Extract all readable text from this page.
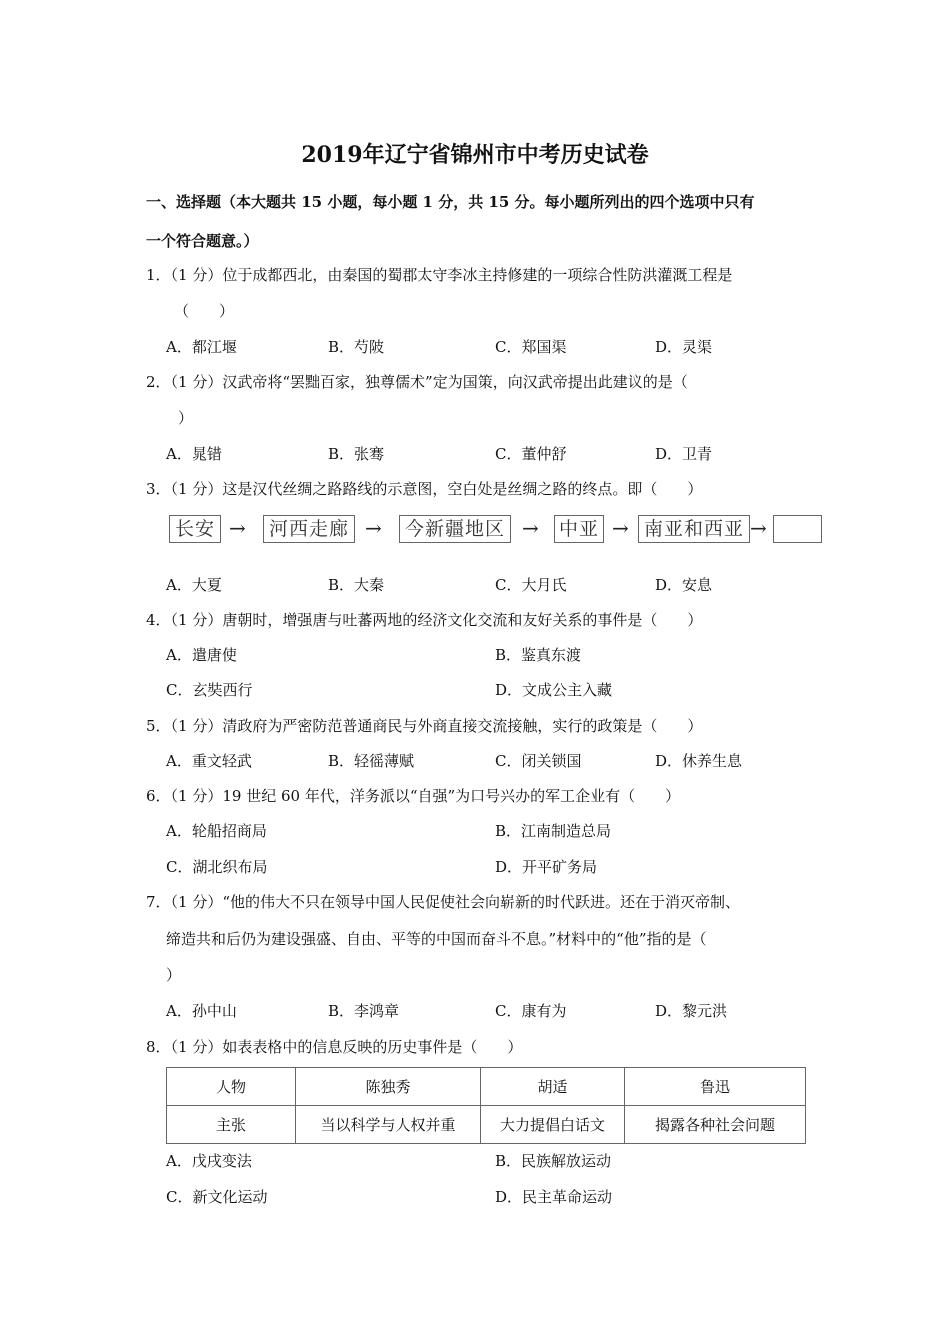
2019年辽宁省锦州市中考历史试卷
一、选择题（本大题共 15 小题，每小题 1 分，共 15 分。每小题所列出的四个选项中只有
一个符合题意。）
1．（1 分）位于成都西北，由秦国的蜀郡太守李冰主持修建的一项综合性防洪灌溉工程是
（　　）
A．都江堰	B．芍陂	C．郑国渠	D．灵渠
2．（1 分）汉武帝将“罢黜百家，独尊儒术”定为国策，向汉武帝提出此建议的是（
）
A．晁错	B．张骞	C．董仲舒	D．卫青
3．（1 分）这是汉代丝绸之路路线的示意图，空白处是丝绸之路的终点。即（　　）
长安 →	河西走廊 →	今新疆地区 → 中亚 → 南亚和西亚 →
A．大夏	B．大秦	C．大月氏	D．安息
4．（1 分）唐朝时，增强唐与吐蕃两地的经济文化交流和友好关系的事件是（　　）
A．遣唐使	B．鉴真东渡
C．玄奘西行	D．文成公主入藏
5．（1 分）清政府为严密防范普通商民与外商直接交流接触，实行的政策是（　　）
A．重文轻武	B．轻徭薄赋	C．闭关锁国	D．休养生息
6．（1 分）19 世纪 60 年代，洋务派以“自强”为口号兴办的军工企业有（　　）
A．轮船招商局	B．江南制造总局
C．湖北织布局	D．开平矿务局
7．（1 分）“他的伟大不只在领导中国人民促使社会向崭新的时代跃进。还在于消灭帝制、
缔造共和后仍为建设强盛、自由、平等的中国而奋斗不息。”材料中的“他”指的是（
）
A．孙中山	B．李鸿章	C．康有为	D．黎元洪
8．（1 分）如表表格中的信息反映的历史事件是（　　）
人物	陈独秀	胡适	鲁迅
主张	当以科学与人权并重	大力提倡白话文	揭露各种社会问题
A．戊戌变法	B．民族解放运动
C．新文化运动	D．民主革命运动
